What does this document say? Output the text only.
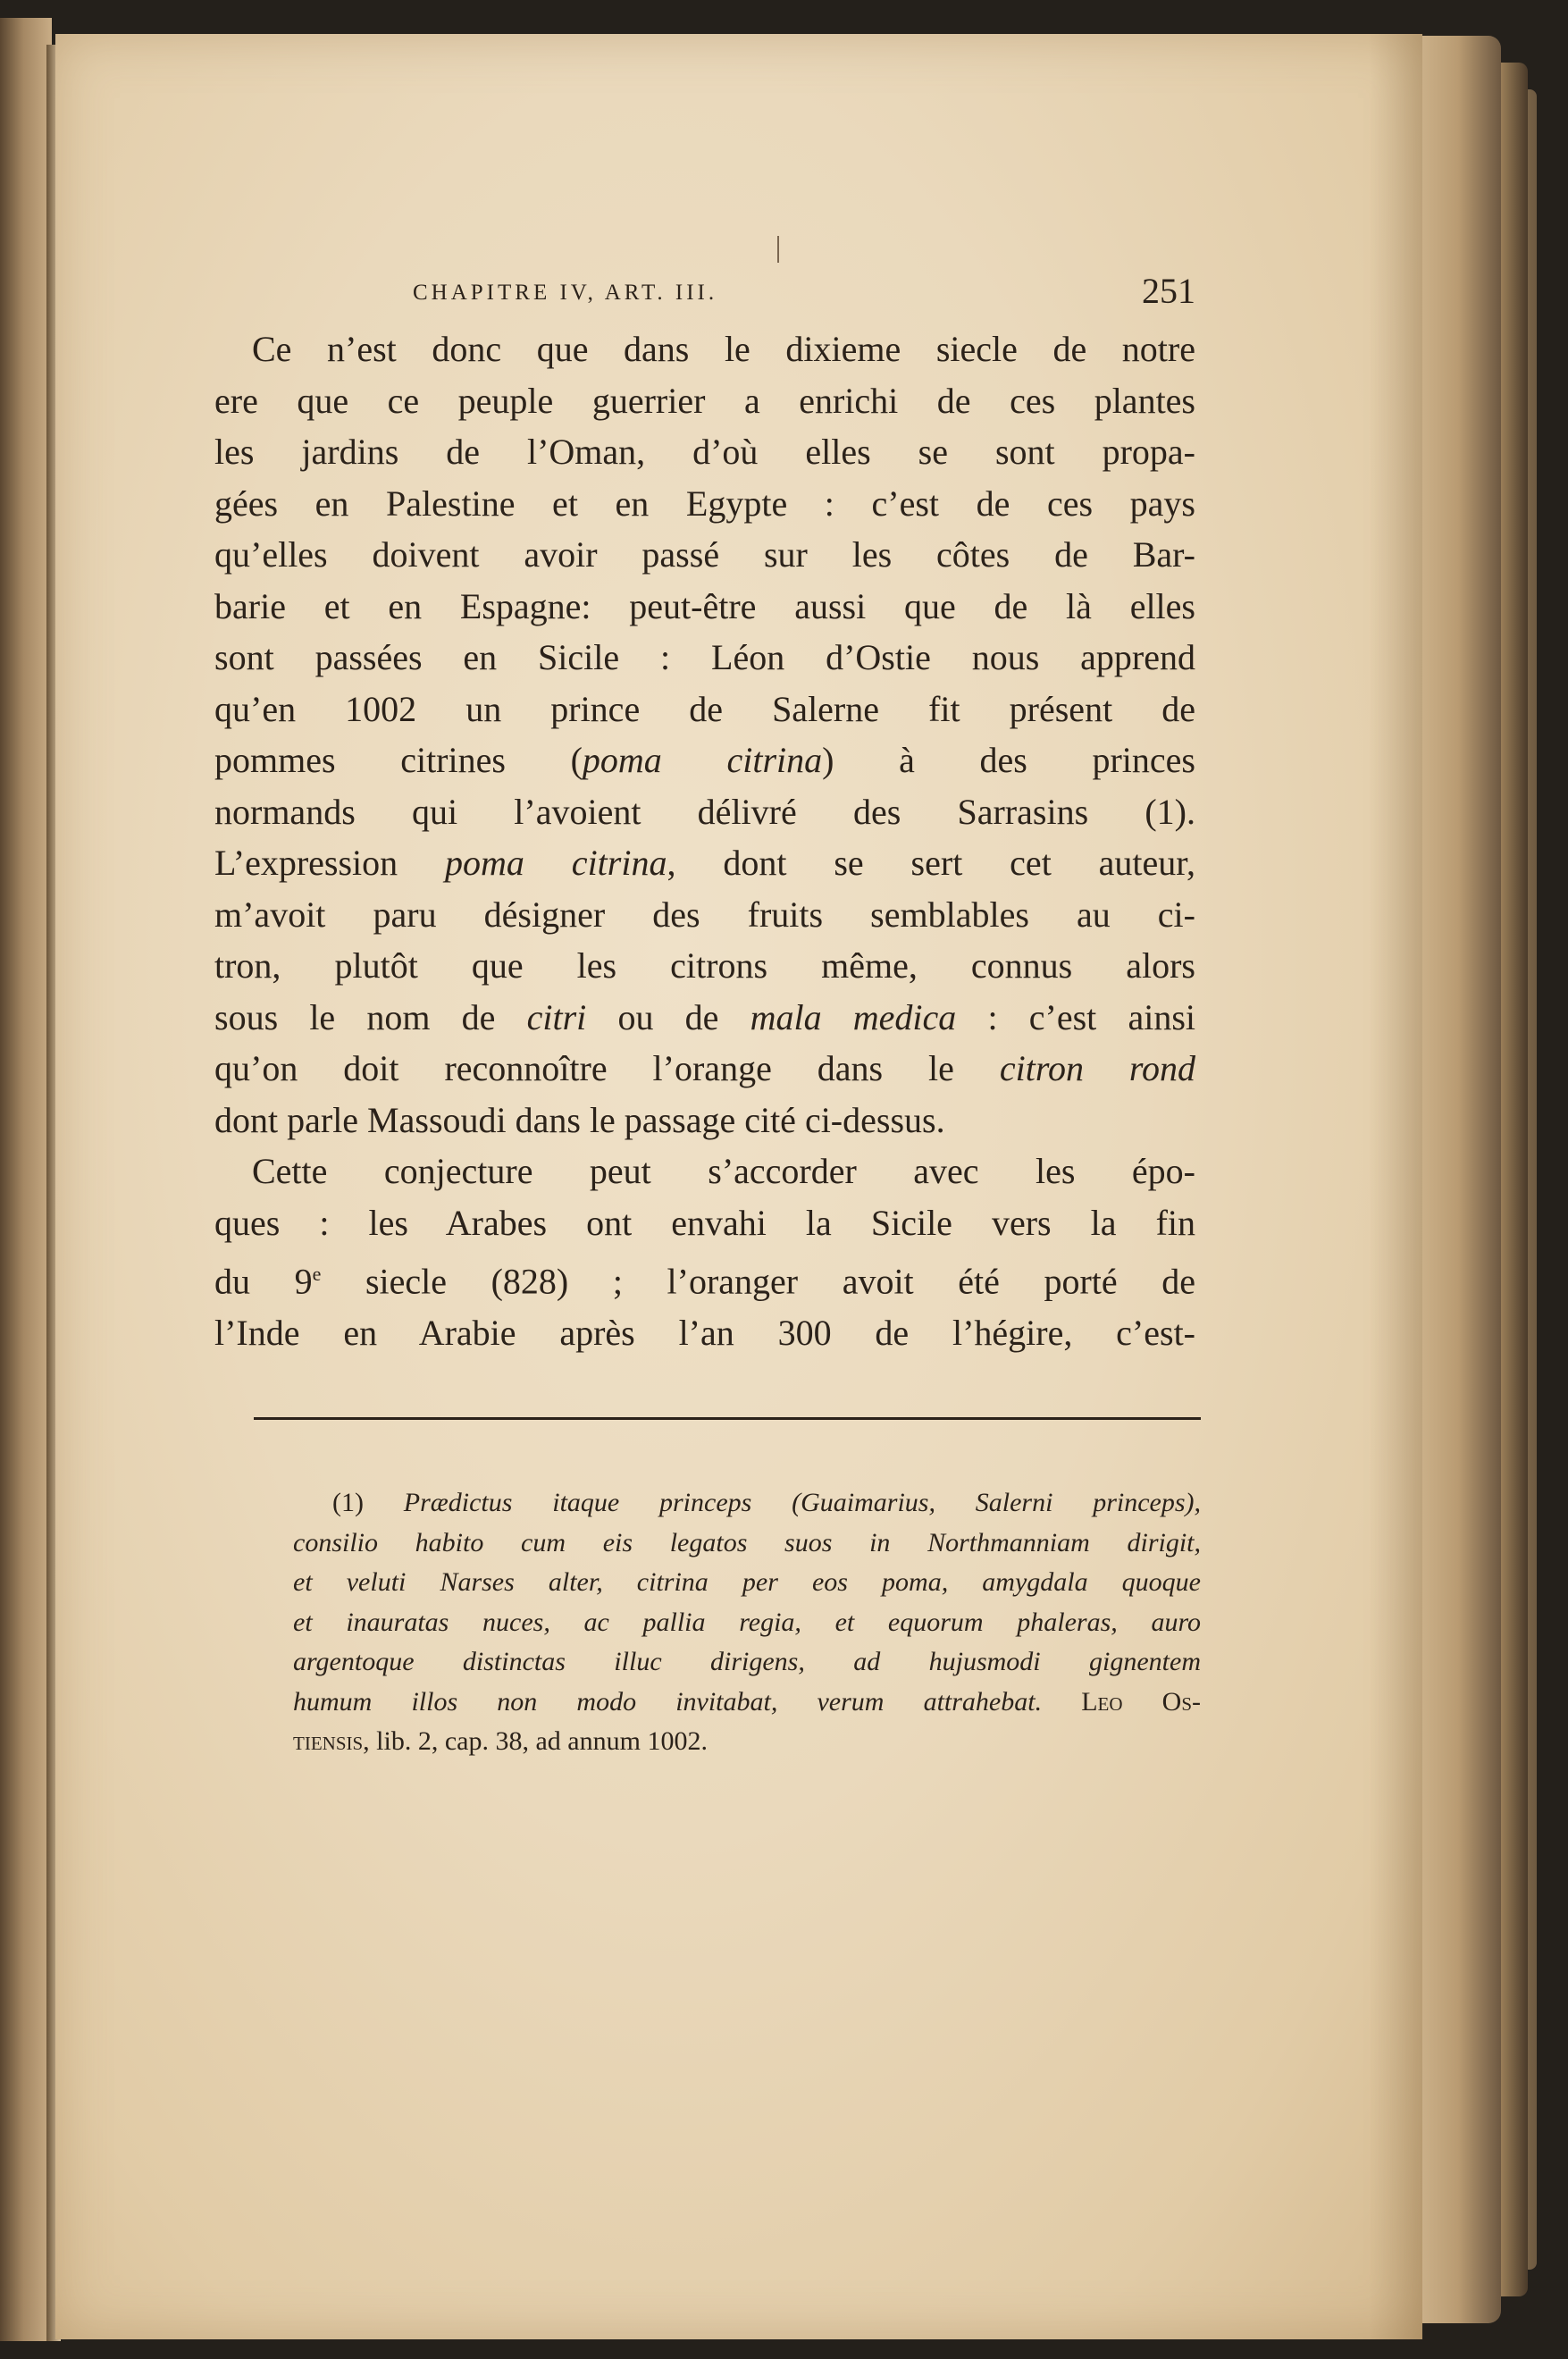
CHAPITRE IV, ART. III.	251
Ce n’est donc que dans le dixieme siecle de notre
ere que ce peuple guerrier a enrichi de ces plantes
les jardins de l’Oman, d’où elles se sont propa-
gées en Palestine et en Egypte : c’est de ces pays
qu’elles doivent avoir passé sur les côtes de Bar-
barie et en Espagne: peut-être aussi que de là elles
sont passées en Sicile : Léon d’Ostie nous apprend
qu’en 1002 un prince de Salerne fit présent de
pommes citrines (poma citrina) à des princes
normands qui l’avoient délivré des Sarrasins (1).
L’expression poma citrina, dont se sert cet auteur,
m’avoit paru désigner des fruits semblables au ci-
tron, plutôt que les citrons même, connus alors
sous le nom de citri ou de mala medica : c’est ainsi
qu’on doit reconnoître l’orange dans le citron rond
dont parle Massoudi dans le passage cité ci-dessus.
Cette conjecture peut s’accorder avec les épo-
ques : les Arabes ont envahi la Sicile vers la fin
du 9e siecle (828) ; l’oranger avoit été porté de
l’Inde en Arabie après l’an 300 de l’hégire, c’est-
(1) Prædictus itaque princeps (Guaimarius, Salerni princeps),
consilio habito cum eis legatos suos in Northmanniam dirigit,
et veluti Narses alter, citrina per eos poma, amygdala quoque
et inauratas nuces, ac pallia regia, et equorum phaleras, auro
argentoque distinctas illuc dirigens, ad hujusmodi gignentem
humum illos non modo invitabat, verum attrahebat. Leo Os-
tiensis, lib. 2, cap. 38, ad annum 1002.
